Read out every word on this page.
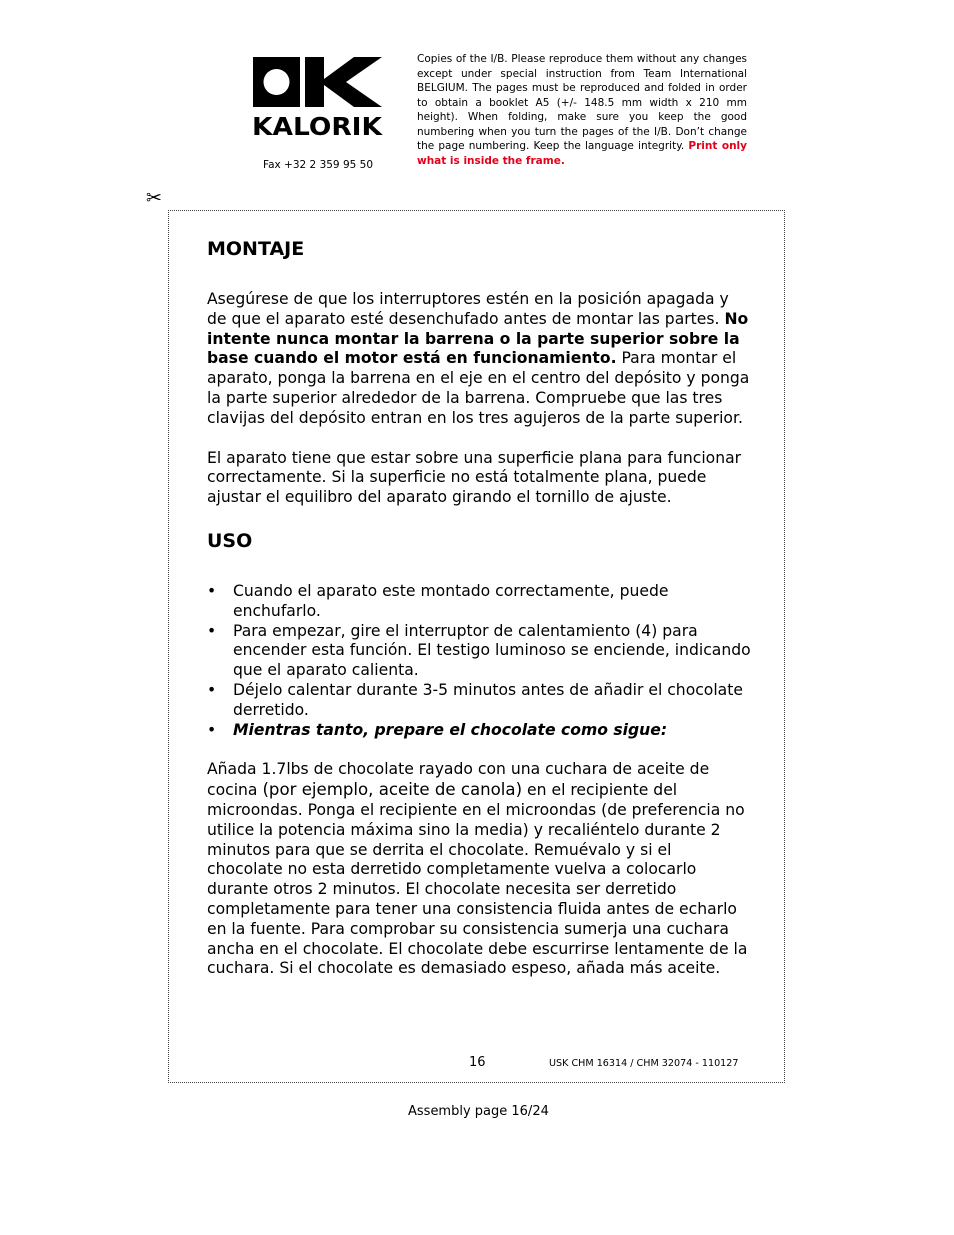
KALORIK
Fax +32 2 359 95 50
Copies of the I/B. Please reproduce them without any changes except under special instruction from Team International BELGIUM. The pages must be reproduced and folded in order to obtain a booklet A5 (+/- 148.5 mm width x 210 mm height). When folding, make sure you keep the good numbering when you turn the pages of the I/B. Don’t change the page numbering. Keep the language integrity. Print only what is inside the frame.
✂
MONTAJE

Asegúrese de que los interruptores estén en la posición apagada y de que el aparato esté desenchufado antes de montar las partes. No intente nunca montar la barrena o la parte superior sobre la base cuando el motor está en funcionamiento. Para montar el aparato, ponga la barrena en el eje en el centro del depósito y ponga la parte superior alrededor de la barrena. Compruebe que las tres clavijas del depósito entran en los tres agujeros de la parte superior.

El aparato tiene que estar sobre una superficie plana para funcionar correctamente. Si la superficie no está totalmente plana, puede ajustar el equilibro del aparato girando el tornillo de ajuste.

USO
• Cuando el aparato este montado correctamente, puede enchufarlo.
• Para empezar, gire el interruptor de calentamiento (4) para encender esta función. El testigo luminoso se enciende, indicando que el aparato calienta.
• Déjelo calentar durante 3-5 minutos antes de añadir el chocolate derretido.
• Mientras tanto, prepare el chocolate como sigue:

Añada 1.7lbs de chocolate rayado con una cuchara de aceite de cocina (por ejemplo, aceite de canola) en el recipiente del microondas. Ponga el recipiente en el microondas (de preferencia no utilice la potencia máxima sino la media) y recaliéntelo durante 2 minutos para que se derrita el chocolate. Remuévalo y si el chocolate no esta derretido completamente vuelva a colocarlo durante otros 2 minutos. El chocolate necesita ser derretido completamente para tener una consistencia fluida antes de echarlo en la fuente. Para comprobar su consistencia sumerja una cuchara ancha en el chocolate. El chocolate debe escurrirse lentamente de la cuchara. Si el chocolate es demasiado espeso, añada más aceite.

16	USK CHM 16314 / CHM 32074 - 110127
Assembly page 16/24
